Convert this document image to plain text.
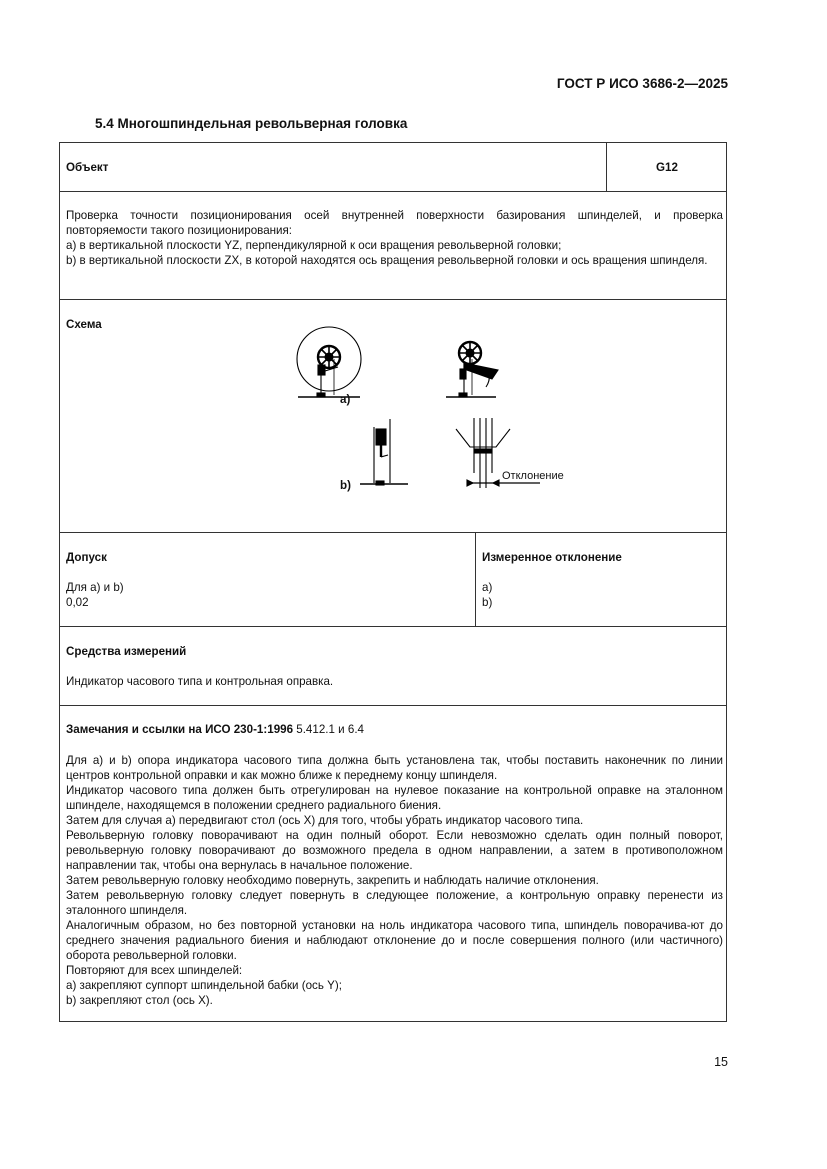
ГОСТ Р ИСО 3686-2—2025
5.4 Многошпиндельная револьверная головка
Объект	G12
Проверка точности позиционирования осей внутренней поверхности базирования шпинделей, и проверка повторяемости такого позиционирования:
a) в вертикальной плоскости YZ, перпендикулярной к оси вращения револьверной головки;
b) в вертикальной плоскости ZX, в которой находятся ось вращения револьверной головки и ось вращения шпинделя.
Схема
a)
b)
Отклонение
Допуск
Для a) и b)
0,02
Измеренное отклонение
a)
b)
Средства измерений
Индикатор часового типа и контрольная оправка.
Замечания и ссылки на ИСО 230-1:1996 5.412.1 и 6.4
Для a) и b) опора индикатора часового типа должна быть установлена так, чтобы поставить наконечник по линии центров контрольной оправки и как можно ближе к переднему концу шпинделя.
Индикатор часового типа должен быть отрегулирован на нулевое показание на контрольной оправке на эталонном шпинделе, находящемся в положении среднего радиального биения.
Затем для случая a) передвигают стол (ось X) для того, чтобы убрать индикатор часового типа.
Револьверную головку поворачивают на один полный оборот. Если невозможно сделать один полный поворот, револьверную головку поворачивают до возможного предела в одном направлении, а затем в противоположном направлении так, чтобы она вернулась в начальное положение.
Затем револьверную головку необходимо повернуть, закрепить и наблюдать наличие отклонения.
Затем револьверную головку следует повернуть в следующее положение, а контрольную оправку перенести из эталонного шпинделя.
Аналогичным образом, но без повторной установки на ноль индикатора часового типа, шпиндель поворачива-ют до среднего значения радиального биения и наблюдают отклонение до и после совершения полного (или частичного) оборота револьверной головки.
Повторяют для всех шпинделей:
a) закрепляют суппорт шпиндельной бабки (ось Y);
b) закрепляют стол (ось X).
15
